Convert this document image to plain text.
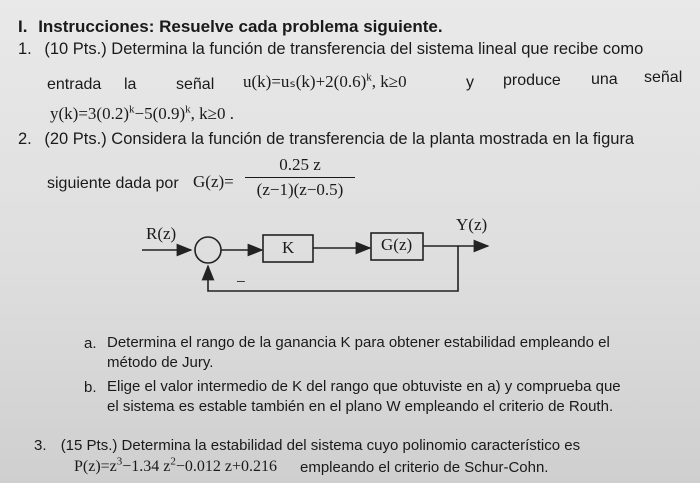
I. Instrucciones: Resuelve cada problema siguiente.
1. (10 Pts.) Determina la función de transferencia del sistema lineal que recibe como
entrada la señal $u(k)=u_s(k)+2(0.6)^k$, k≥0	y produce una señal
$y(k)=3(0.2)^k-5(0.9)^k$, k≥0 .
2. (20 Pts.) Considera la función de transferencia de la planta mostrada en la figura
siguiente dada por G(z)=
0.25 z
(z−1)(z−0.5)
R(z)	Y(z)
K	G(z)
−
a. Determina el rango de la ganancia K para obtener estabilidad empleando el
método de Jury.
b. Elige el valor intermedio de K del rango que obtuviste en a) y comprueba que
el sistema es estable también en el plano W empleando el criterio de Routh.
3. (15 Pts.) Determina la estabilidad del sistema cuyo polinomio característico es
$P(z)=z^3-1.34$ $z^2-0.012$ z+0.216 empleando el criterio de Schur-Cohn.
